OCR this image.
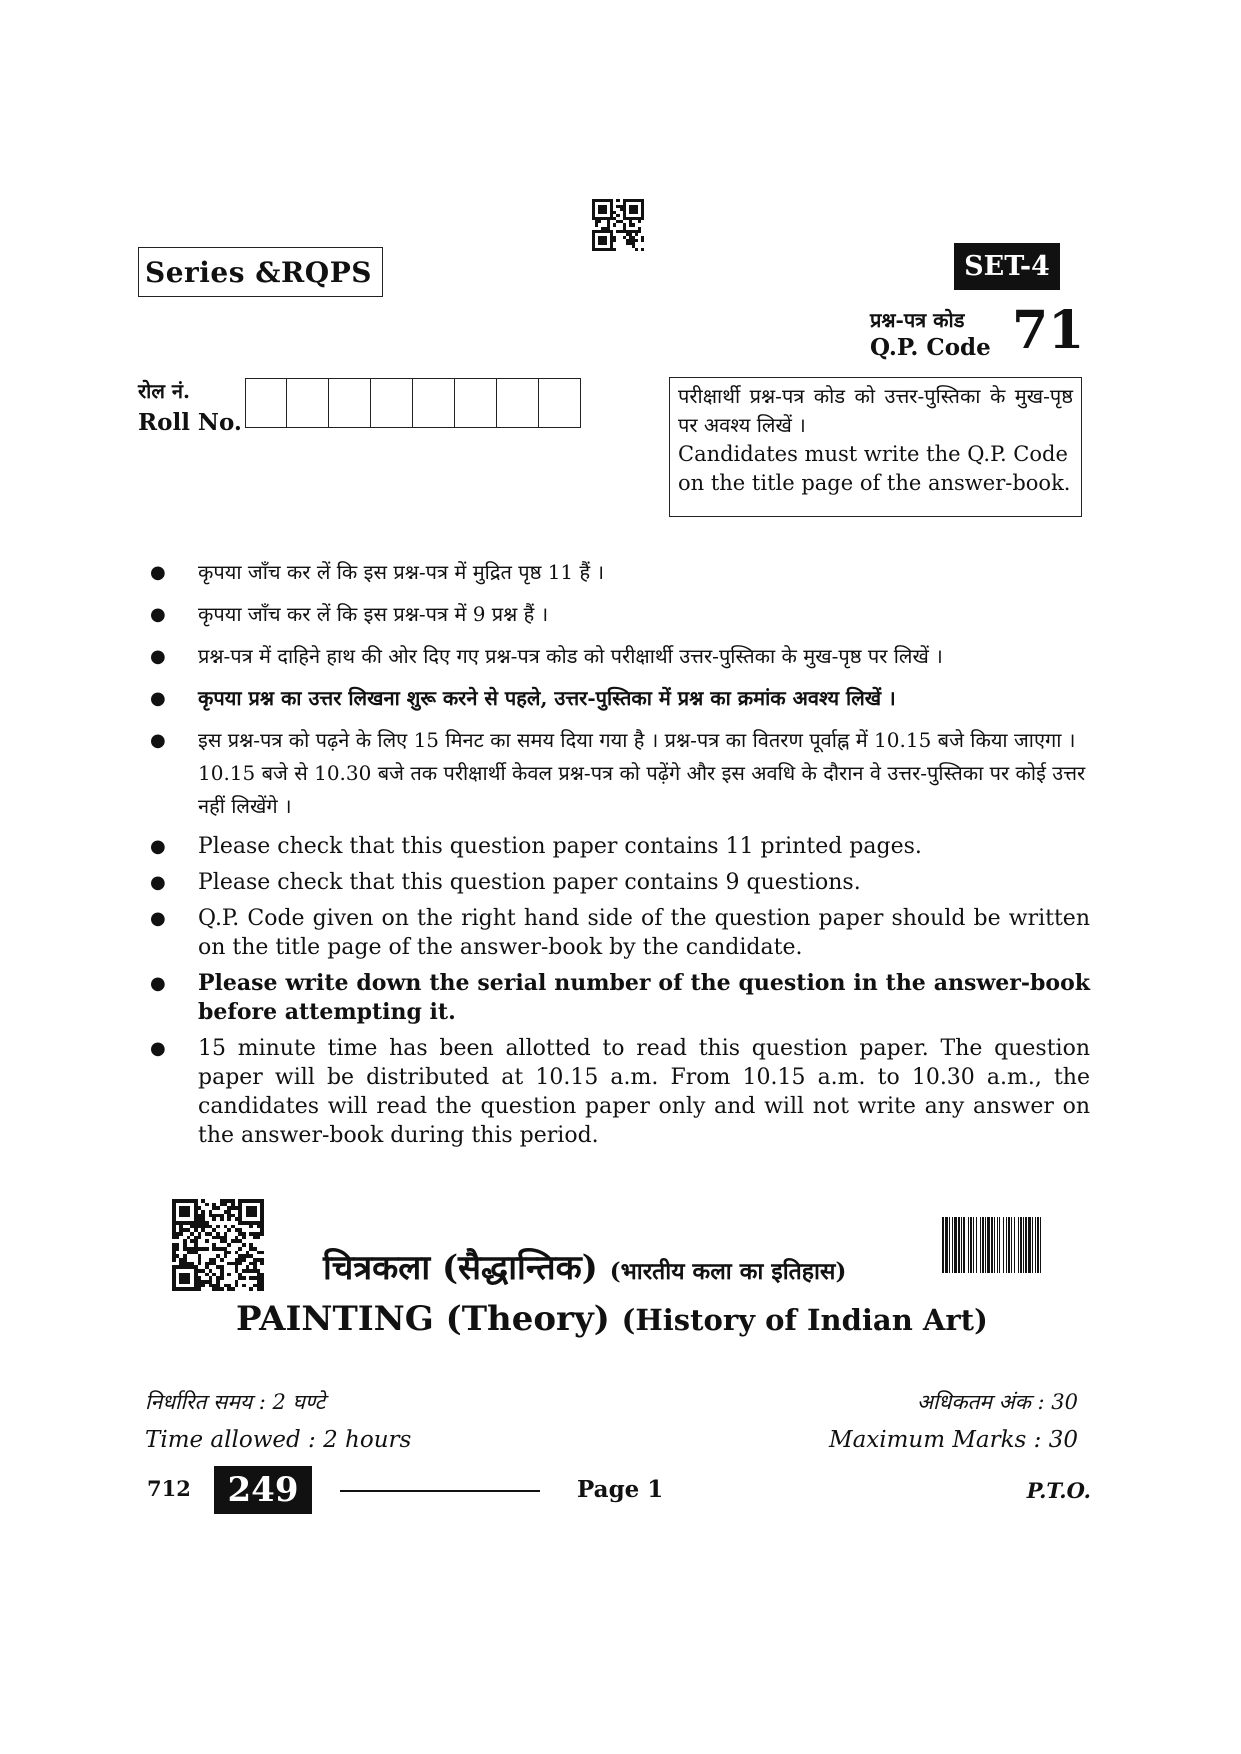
Series &RQPS	SET-4
प्रश्न-पत्र कोड
Q.P. Code 71
रोल नं.
Roll No.
परीक्षार्थी प्रश्न-पत्र कोड को उत्तर-पुस्तिका के मुख-पृष्ठ पर अवश्य लिखें ।
Candidates must write the Q.P. Code on the title page of the answer-book.
● कृपया जाँच कर लें कि इस प्रश्न-पत्र में मुद्रित पृष्ठ 11 हैं ।
● कृपया जाँच कर लें कि इस प्रश्न-पत्र में 9 प्रश्न हैं ।
● प्रश्न-पत्र में दाहिने हाथ की ओर दिए गए प्रश्न-पत्र कोड को परीक्षार्थी उत्तर-पुस्तिका के मुख-पृष्ठ पर लिखें ।
● कृपया प्रश्न का उत्तर लिखना शुरू करने से पहले, उत्तर-पुस्तिका में प्रश्न का क्रमांक अवश्य लिखें ।
● इस प्रश्न-पत्र को पढ़ने के लिए 15 मिनट का समय दिया गया है । प्रश्न-पत्र का वितरण पूर्वाह्न में 10.15 बजे किया जाएगा । 10.15 बजे से 10.30 बजे तक परीक्षार्थी केवल प्रश्न-पत्र को पढ़ेंगे और इस अवधि के दौरान वे उत्तर-पुस्तिका पर कोई उत्तर नहीं लिखेंगे ।
● Please check that this question paper contains 11 printed pages.
● Please check that this question paper contains 9 questions.
● Q.P. Code given on the right hand side of the question paper should be written on the title page of the answer-book by the candidate.
● Please write down the serial number of the question in the answer-book before attempting it.
● 15 minute time has been allotted to read this question paper. The question paper will be distributed at 10.15 a.m. From 10.15 a.m. to 10.30 a.m., the candidates will read the question paper only and will not write any answer on the answer-book during this period.
चित्रकला (सैद्धान्तिक) (भारतीय कला का इतिहास)
PAINTING (Theory) (History of Indian Art)
निर्धारित समय : 2 घण्टे
Time allowed : 2 hours
अधिकतम अंक : 30
Maximum Marks : 30
712	249	Page 1	P.T.O.
